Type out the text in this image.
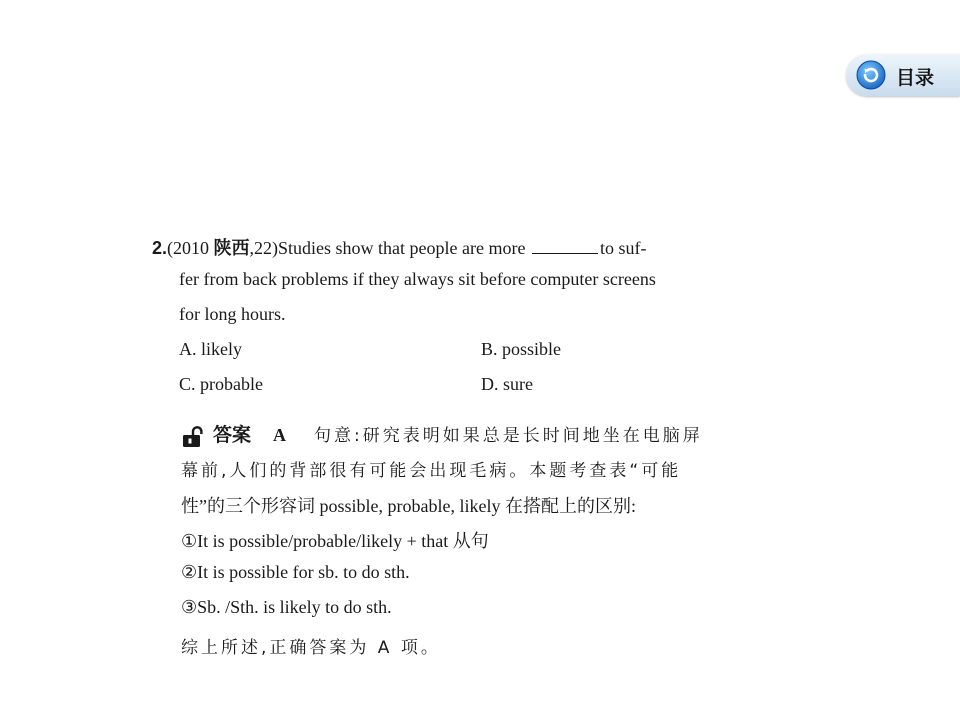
目录
2.(2010 陕西,22)Studies show that people are more	to suf-
fer from back problems if they always sit before computer screens
for long hours.
A. likely	B. possible
C. probable	D. sure
答案 A 句意:研究表明如果总是长时间地坐在电脑屏
幕前,人们的背部很有可能会出现毛病。本题考查表“可能
性”的三个形容词 possible, probable, likely 在搭配上的区别:
①It is possible/probable/likely + that 从句
②It is possible for sb. to do sth.
③Sb. /Sth. is likely to do sth.
综上所述,正确答案为 A 项。
